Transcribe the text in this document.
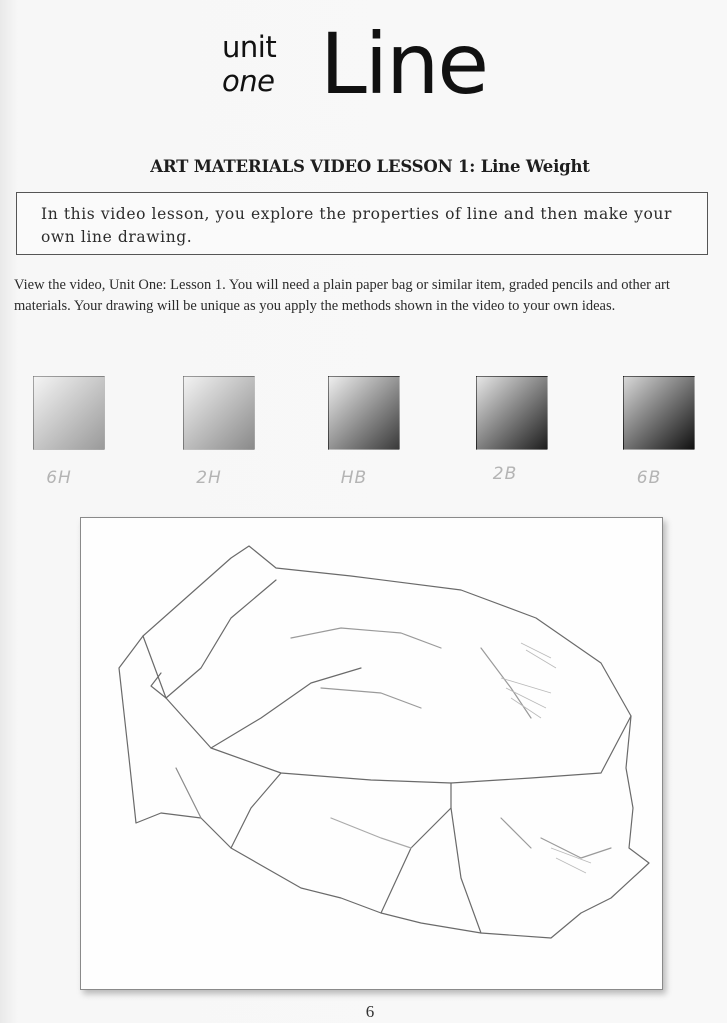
unit
one Line
ART MATERIALS VIDEO LESSON 1: Line Weight
In this video lesson, you explore the properties of line and then make your own line drawing.
View the video, Unit One: Lesson 1. You will need a plain paper bag or similar item, graded pencils and other art materials. Your drawing will be unique as you apply the methods shown in the video to your own ideas.
6H	2H	HB	2B	6B
6
